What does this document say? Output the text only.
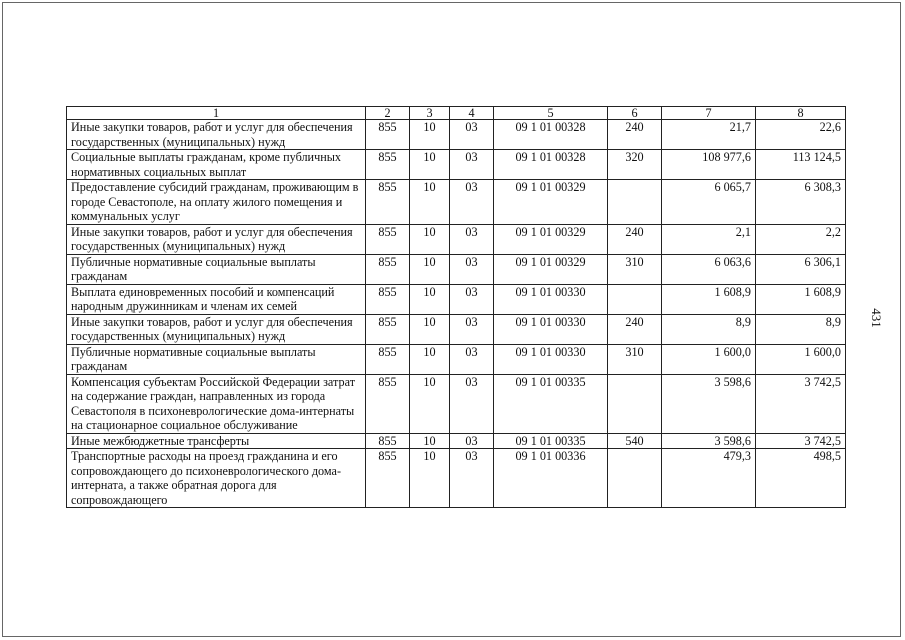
1	2	3	4	5	6	7	8
Иные закупки товаров, работ и услуг для обеспечения государственных (муниципальных) нужд	855	10	03	09 1 01 00328	240	21,7	22,6
Социальные выплаты гражданам, кроме публичных нормативных социальных выплат	855	10	03	09 1 01 00328	320	108 977,6	113 124,5
Предоставление субсидий гражданам, проживающим в городе Севастополе, на оплату жилого помещения и коммунальных услуг	855	10	03	09 1 01 00329		6 065,7	6 308,3
Иные закупки товаров, работ и услуг для обеспечения государственных (муниципальных) нужд	855	10	03	09 1 01 00329	240	2,1	2,2
Публичные нормативные социальные выплаты гражданам	855	10	03	09 1 01 00329	310	6 063,6	6 306,1
Выплата единовременных пособий и компенсаций народным дружинникам и членам их семей	855	10	03	09 1 01 00330		1 608,9	1 608,9
Иные закупки товаров, работ и услуг для обеспечения государственных (муниципальных) нужд	855	10	03	09 1 01 00330	240	8,9	8,9
Публичные нормативные социальные выплаты гражданам	855	10	03	09 1 01 00330	310	1 600,0	1 600,0
Компенсация субъектам Российской Федерации затрат на содержание граждан, направленных из города Севастополя в психоневрологические дома-интернаты на стационарное социальное обслуживание	855	10	03	09 1 01 00335		3 598,6	3 742,5
Иные межбюджетные трансферты	855	10	03	09 1 01 00335	540	3 598,6	3 742,5
Транспортные расходы на проезд гражданина и его сопровождающего до психоневрологического дома-интерната, а также обратная дорога для сопровождающего	855	10	03	09 1 01 00336		479,3	498,5
431
